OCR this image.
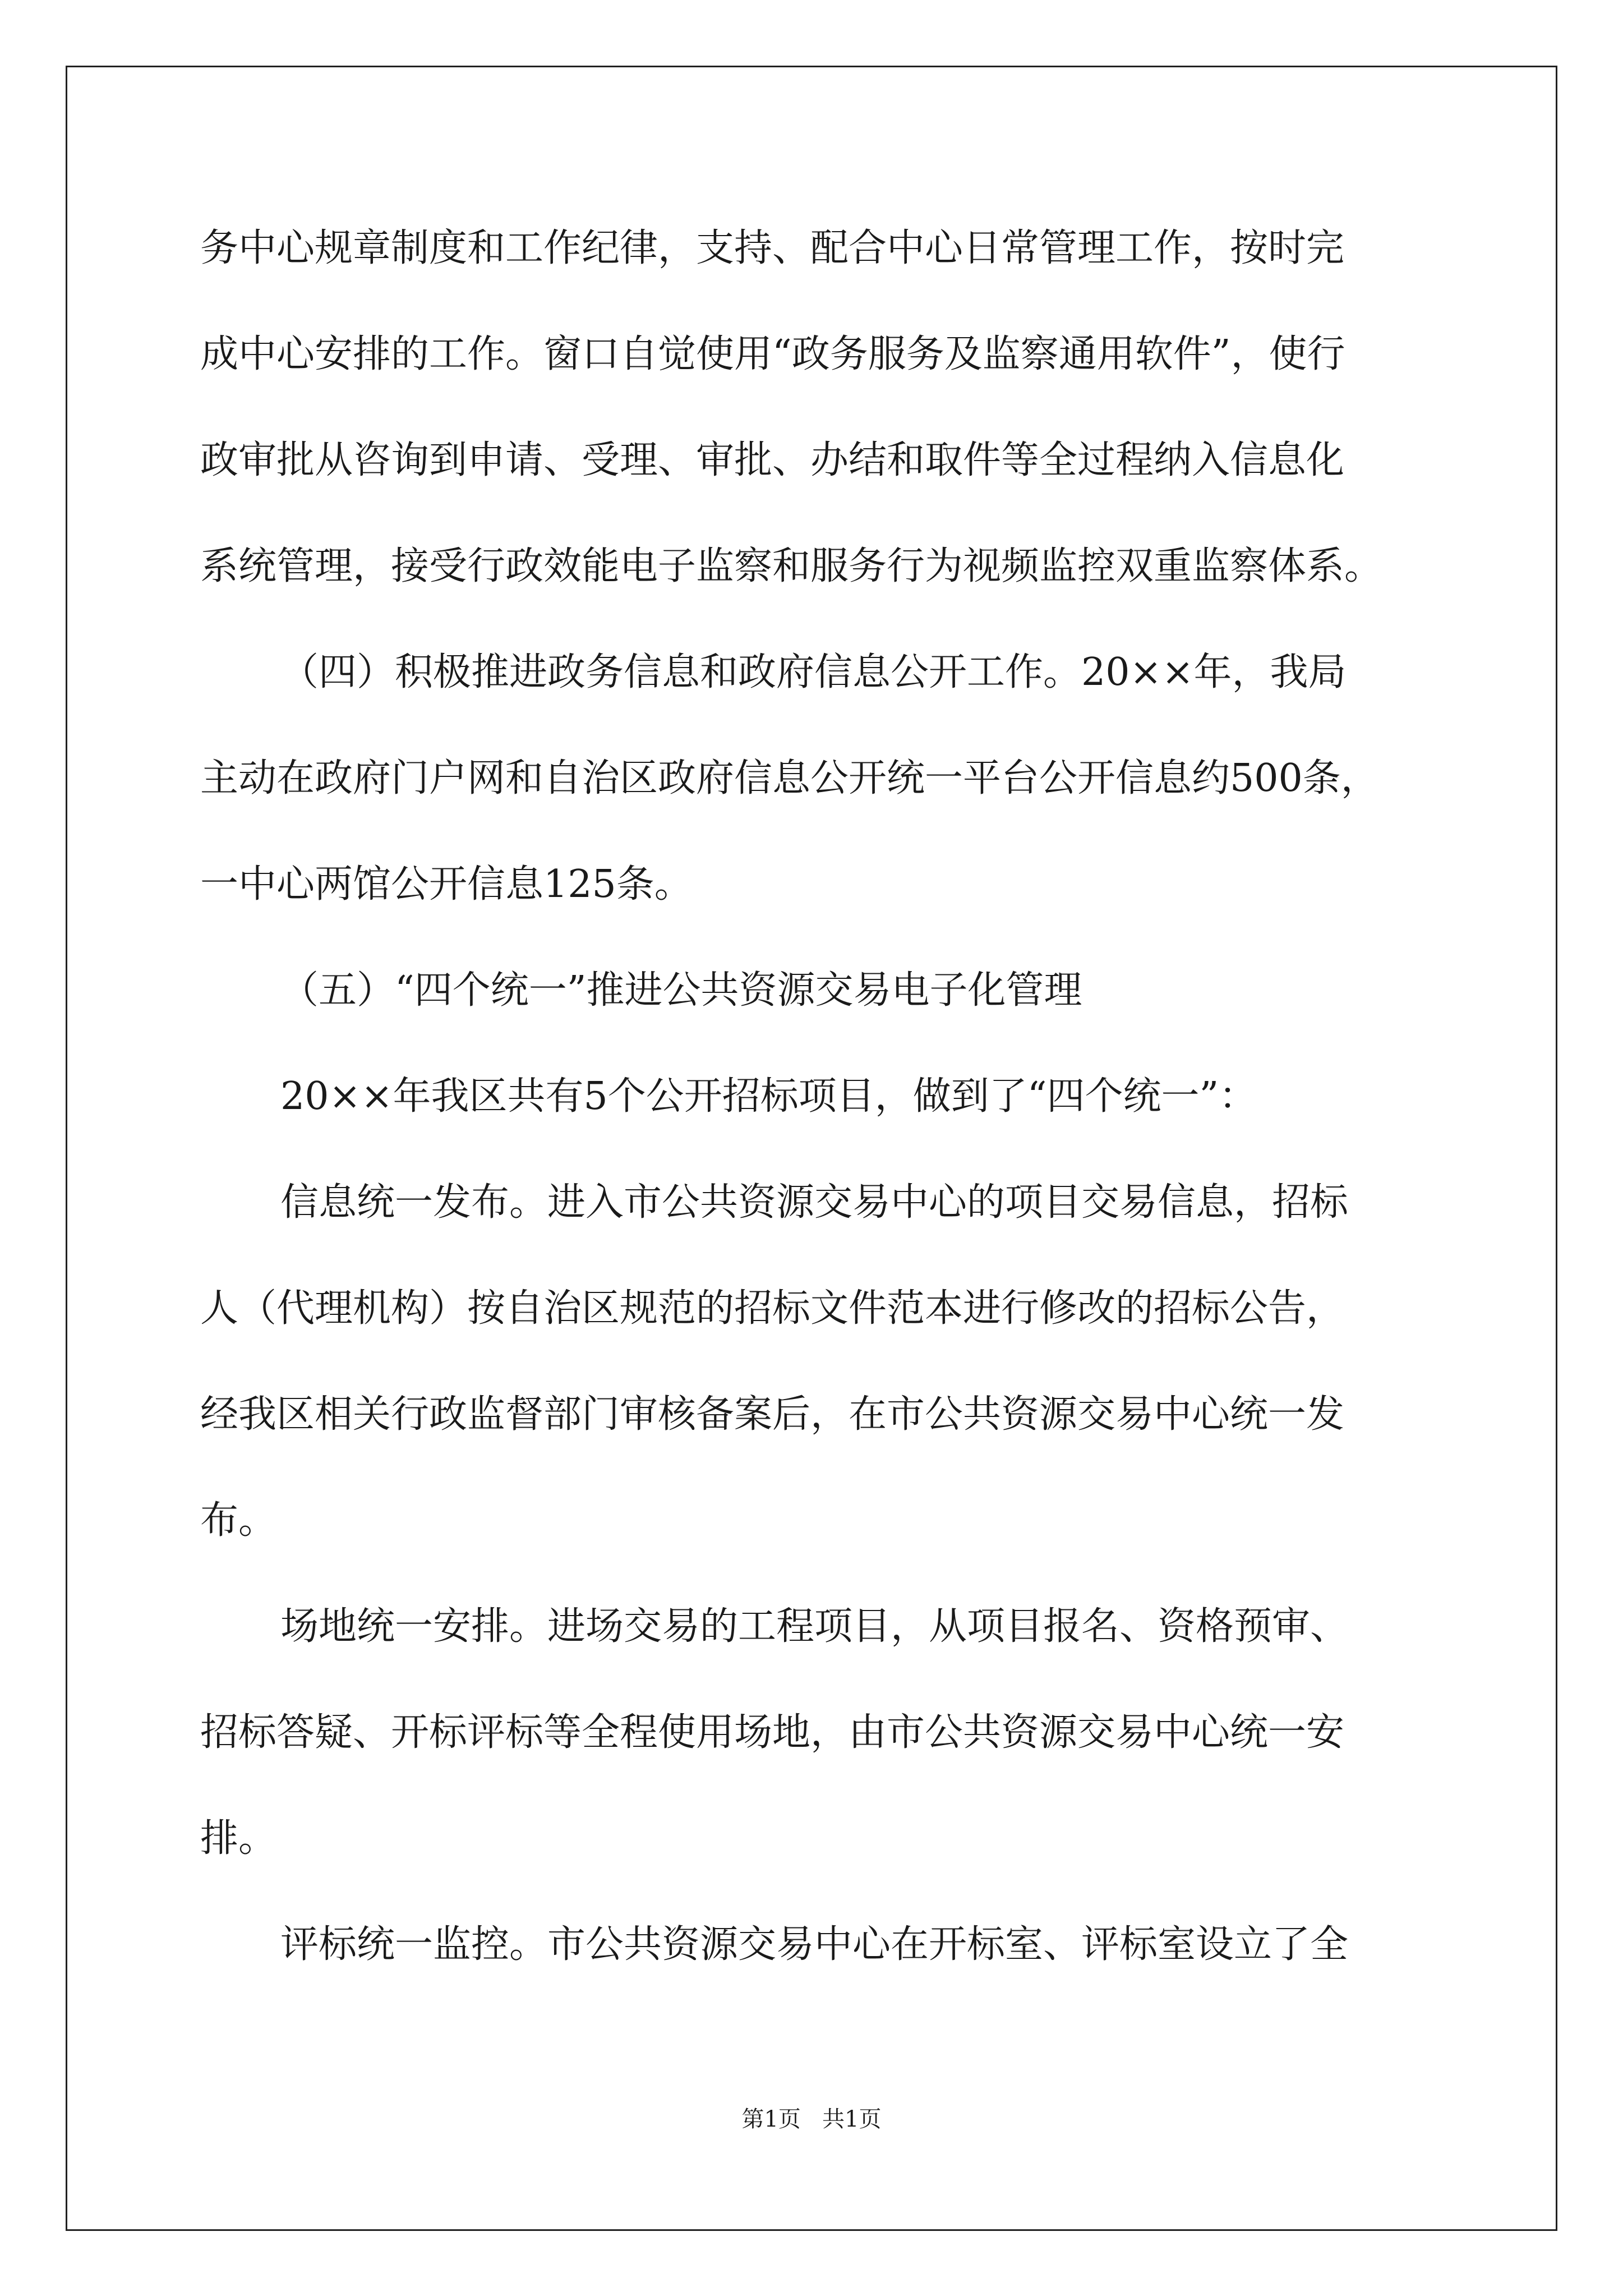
务中心规章制度和工作纪律，支持、配合中心日常管理工作，按时完
成中心安排的工作。窗口自觉使用“政务服务及监察通用软件”，使行
政审批从咨询到申请、受理、审批、办结和取件等全过程纳入信息化
系统管理，接受行政效能电子监察和服务行为视频监控双重监察体系。
（四）积极推进政务信息和政府信息公开工作。20××年，我局
主动在政府门户网和自治区政府信息公开统一平台公开信息约500条，
一中心两馆公开信息125条。
（五）“四个统一”推进公共资源交易电子化管理
20××年我区共有5个公开招标项目，做到了“四个统一”：
信息统一发布。进入市公共资源交易中心的项目交易信息，招标
人（代理机构）按自治区规范的招标文件范本进行修改的招标公告，
经我区相关行政监督部门审核备案后，在市公共资源交易中心统一发
布。
场地统一安排。进场交易的工程项目，从项目报名、资格预审、
招标答疑、开标评标等全程使用场地，由市公共资源交易中心统一安
排。
评标统一监控。市公共资源交易中心在开标室、评标室设立了全
第1页   共1页
